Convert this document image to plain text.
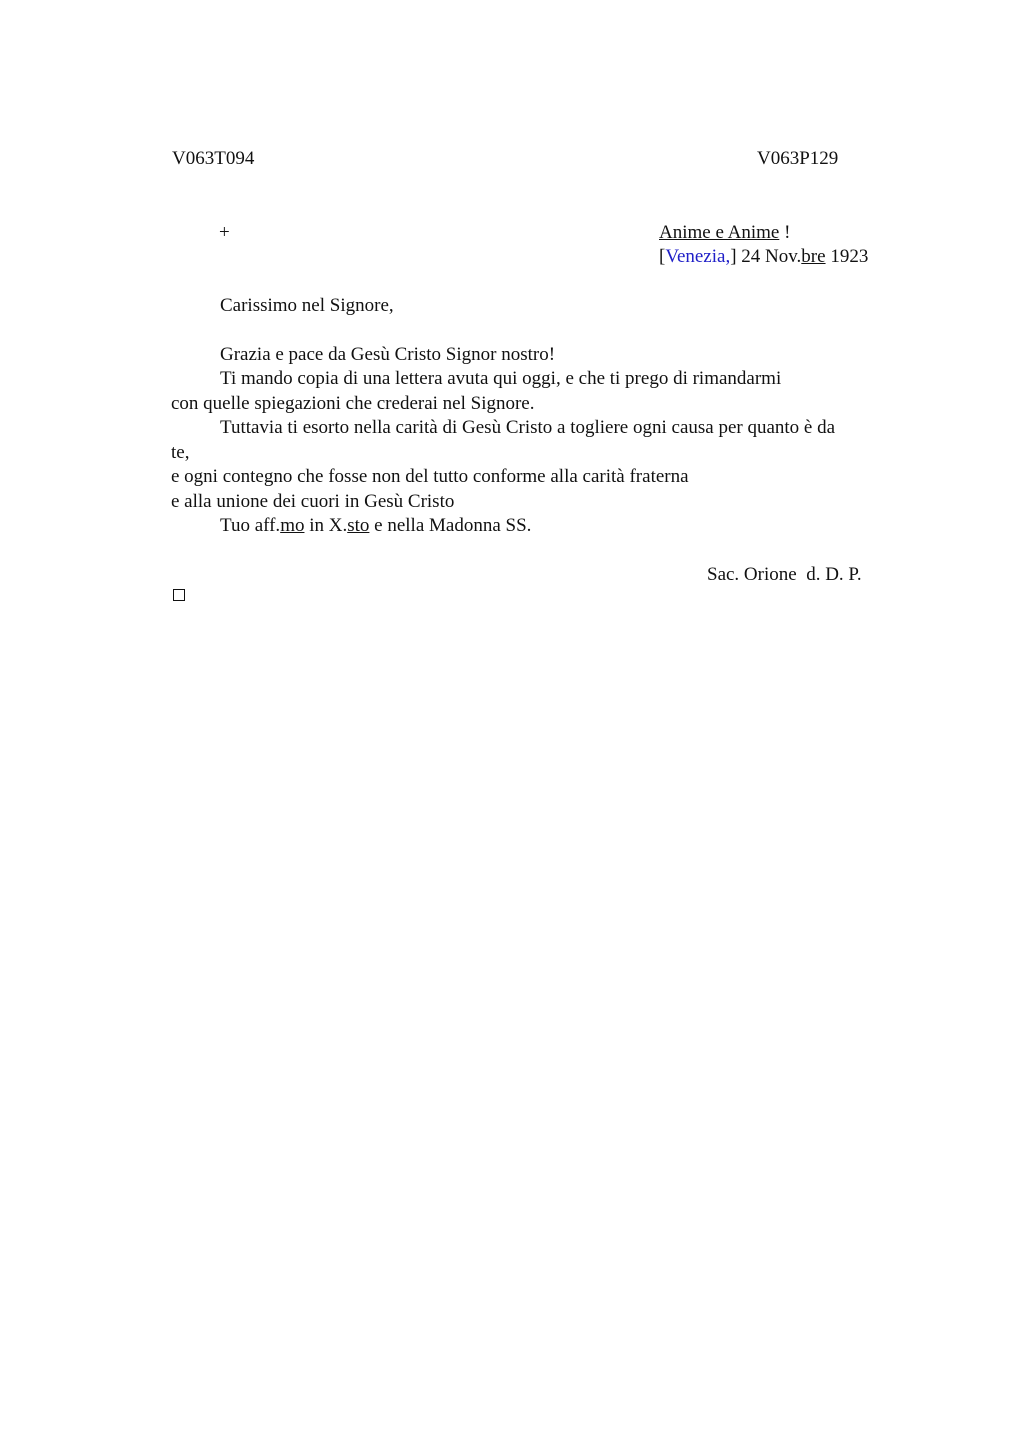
V063T094	V063P129
+	Anime e Anime !
[Venezia,] 24 Nov.bre 1923
Carissimo nel Signore,
Grazia e pace da Gesù Cristo Signor nostro!
Ti mando copia di una lettera avuta qui oggi, e che ti prego di rimandarmi
con quelle spiegazioni che crederai nel Signore.
Tuttavia ti esorto nella carità di Gesù Cristo a togliere ogni causa per quanto è da
te,
e ogni contegno che fosse non del tutto conforme alla carità fraterna
e alla unione dei cuori in Gesù Cristo
Tuo aff.mo in X.sto e nella Madonna SS.
Sac. Orione  d. D. P.
